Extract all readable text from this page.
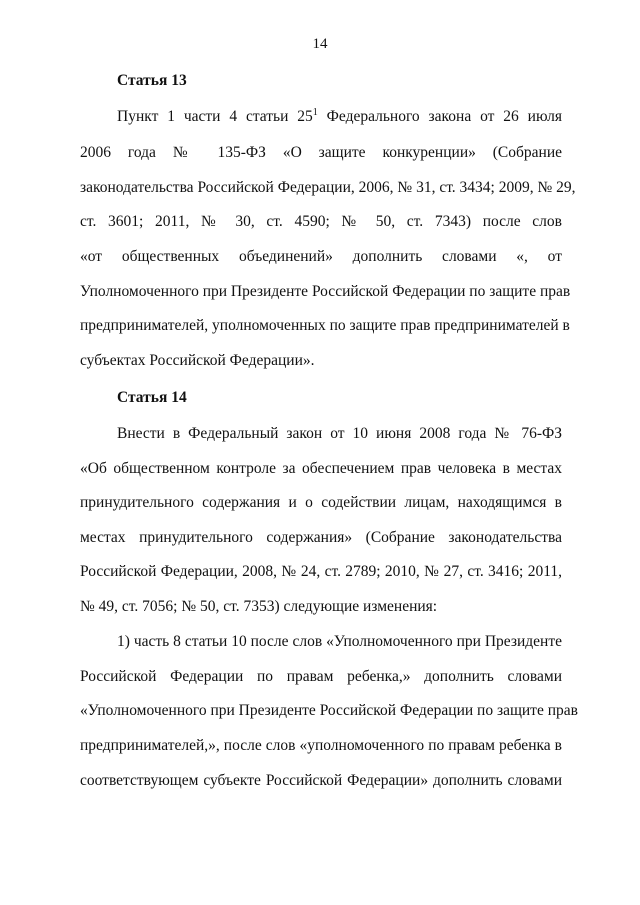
14
Статья 13
Пункт 1 части 4 статьи $25^1$ Федерального закона от 26 июля
2006 года № 135-ФЗ «О защите конкуренции» (Собрание
законодательства Российской Федерации, 2006, № 31, ст. 3434; 2009, № 29,
ст. 3601; 2011, № 30, ст. 4590; № 50, ст. 7343) после слов
«от общественных объединений» дополнить словами «, от
Уполномоченного при Президенте Российской Федерации по защите прав
предпринимателей, уполномоченных по защите прав предпринимателей в
субъектах Российской Федерации».
Статья 14
Внести в Федеральный закон от 10 июня 2008 года № 76-ФЗ
«Об общественном контроле за обеспечением прав человека в местах
принудительного содержания и о содействии лицам, находящимся в
местах принудительного содержания» (Собрание законодательства
Российской Федерации, 2008, № 24, ст. 2789; 2010, № 27, ст. 3416; 2011,
№ 49, ст. 7056; № 50, ст. 7353) следующие изменения:
1) часть 8 статьи 10 после слов «Уполномоченного при Президенте
Российской Федерации по правам ребенка,» дополнить словами
«Уполномоченного при Президенте Российской Федерации по защите прав
предпринимателей,», после слов «уполномоченного по правам ребенка в
соответствующем субъекте Российской Федерации» дополнить словами
